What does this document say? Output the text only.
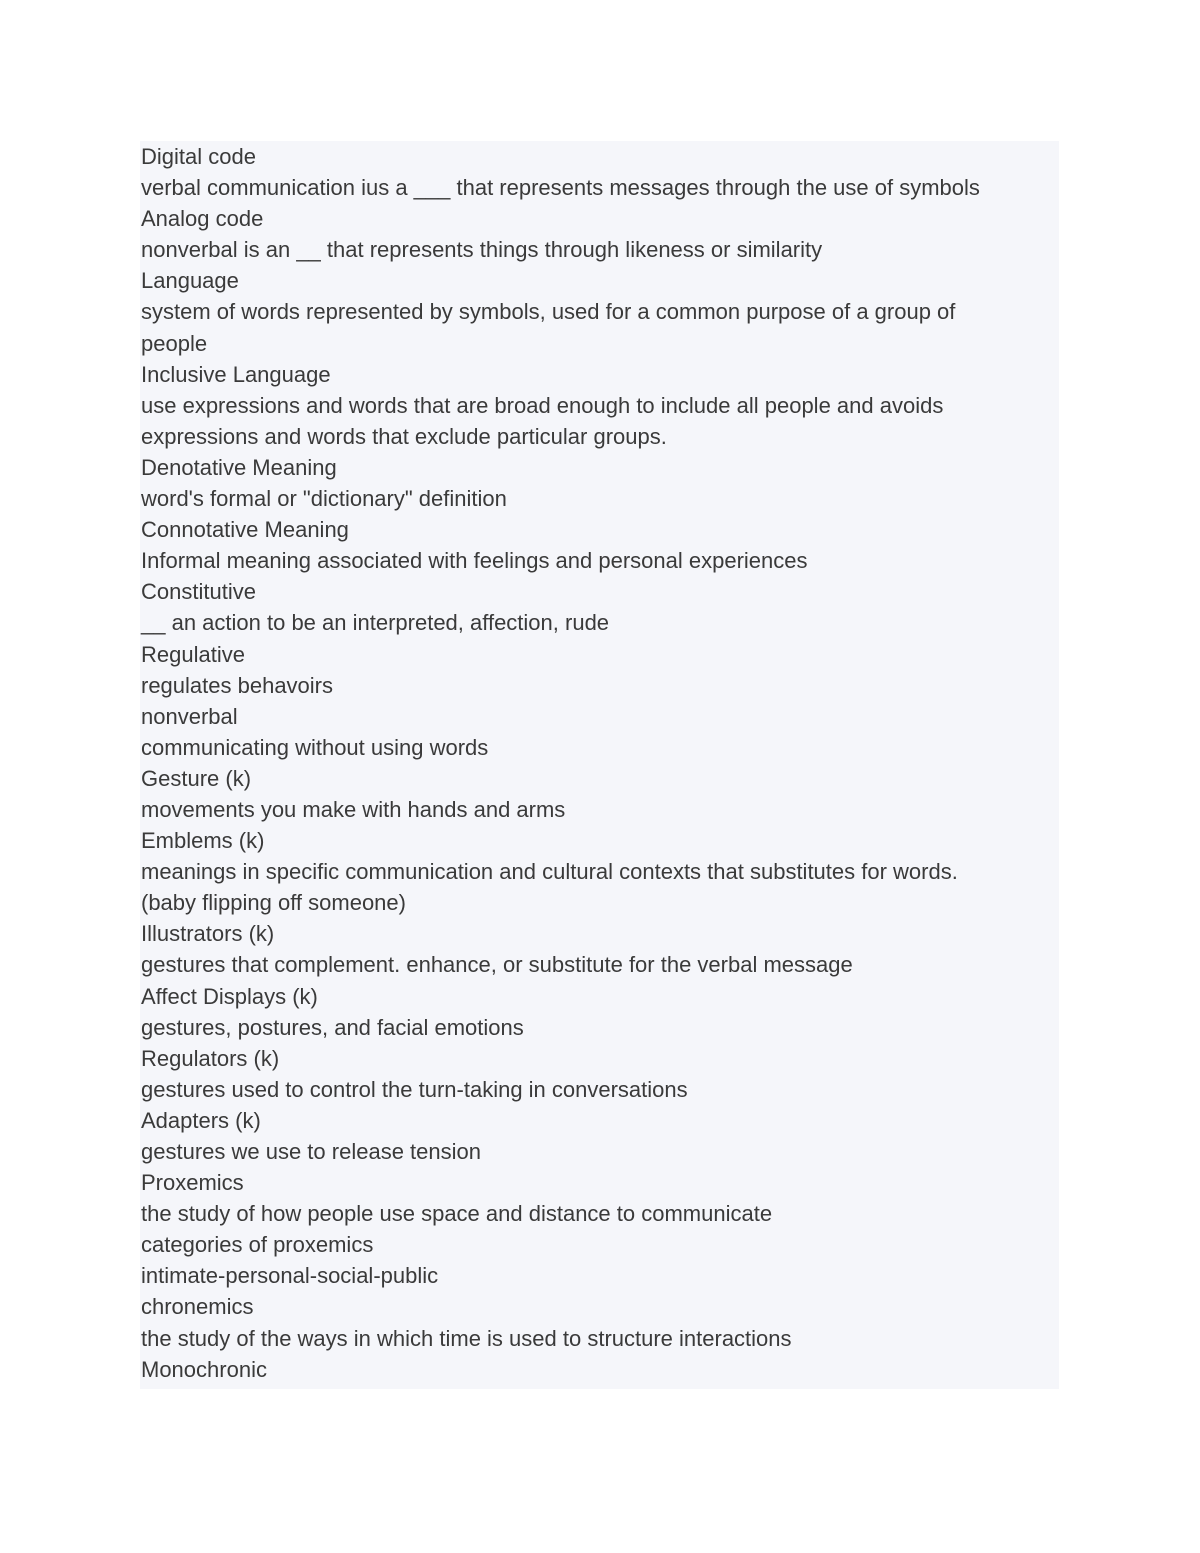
Digital code
verbal communication ius a ___ that represents messages through the use of symbols
Analog code
nonverbal is an __ that represents things through likeness or similarity
Language
system of words represented by symbols, used for a common purpose of a group of
people
Inclusive Language
use expressions and words that are broad enough to include all people and avoids
expressions and words that exclude particular groups.
Denotative Meaning
word's formal or "dictionary" definition
Connotative Meaning
Informal meaning associated with feelings and personal experiences
Constitutive
__ an action to be an interpreted, affection, rude
Regulative
regulates behavoirs
nonverbal
communicating without using words
Gesture (k)
movements you make with hands and arms
Emblems (k)
meanings in specific communication and cultural contexts that substitutes for words.
(baby flipping off someone)
Illustrators (k)
gestures that complement. enhance, or substitute for the verbal message
Affect Displays (k)
gestures, postures, and facial emotions
Regulators (k)
gestures used to control the turn-taking in conversations
Adapters (k)
gestures we use to release tension
Proxemics
the study of how people use space and distance to communicate
categories of proxemics
intimate-personal-social-public
chronemics
the study of the ways in which time is used to structure interactions
Monochronic
